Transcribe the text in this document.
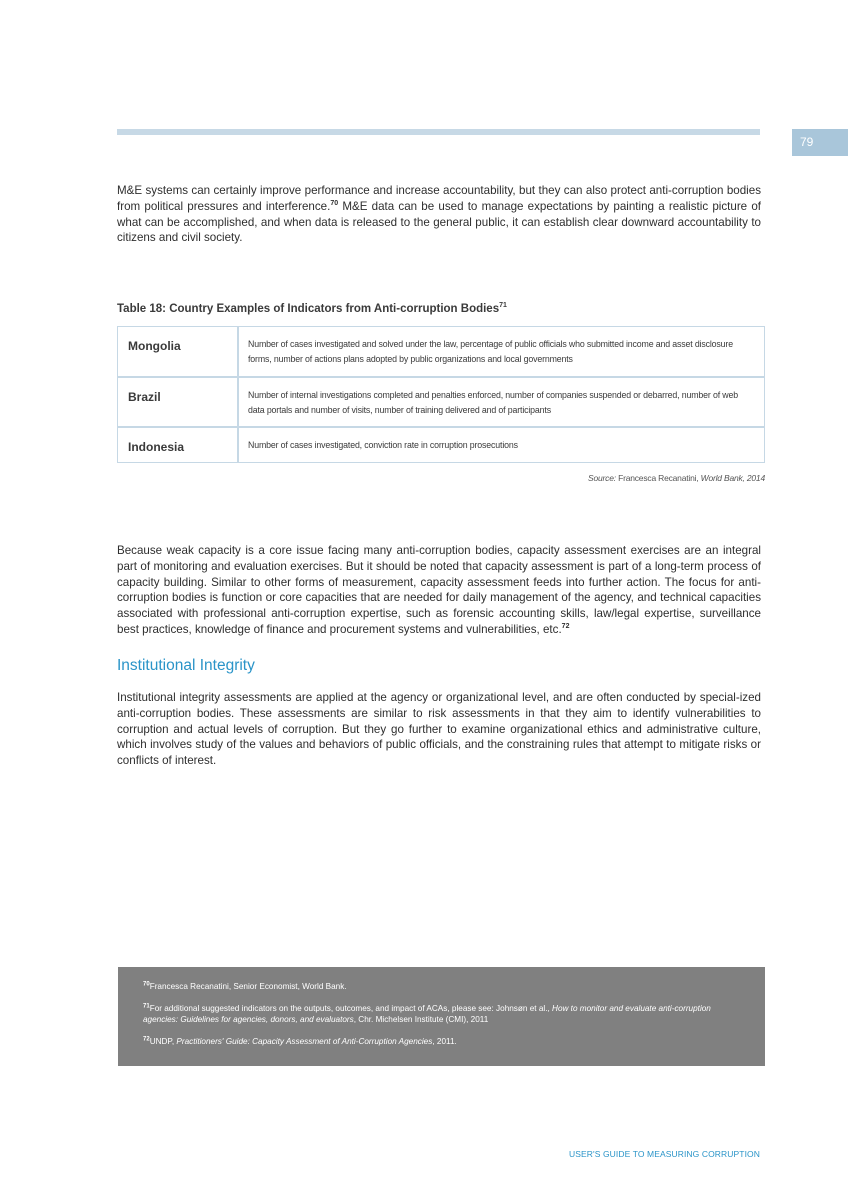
79

M&E systems can certainly improve performance and increase accountability, but they can also protect anti-corruption bodies from political pressures and interference.$^{70}$ M&E data can be used to manage expectations by painting a realistic picture of what can be accomplished, and when data is released to the general public, it can establish clear downward accountability to citizens and civil society.

Table 18: Country Examples of Indicators from Anti-corruption Bodies$^{71}$

Mongolia	Number of cases investigated and solved under the law, percentage of public officials who submitted income and asset disclosure forms, number of actions plans adopted by public organizations and local governments
Brazil	Number of internal investigations completed and penalties enforced, number of companies suspended or debarred, number of web data portals and number of visits, number of training delivered and of participants
Indonesia	Number of cases investigated, conviction rate in corruption prosecutions
Source: Francesca Recanatini, World Bank, 2014

Because weak capacity is a core issue facing many anti-corruption bodies, capacity assessment exercises are an integral part of monitoring and evaluation exercises. But it should be noted that capacity assessment is part of a long-term process of capacity building. Similar to other forms of measurement, capacity assessment feeds into further action. The focus for anti-corruption bodies is function or core capacities that are needed for daily management of the agency, and technical capacities associated with professional anti-corruption expertise, such as forensic accounting skills, law/legal expertise, surveillance best practices, knowledge of finance and procurement systems and vulnerabilities, etc.$^{72}$

Institutional Integrity

Institutional integrity assessments are applied at the agency or organizational level, and are often conducted by special-ized anti-corruption bodies. These assessments are similar to risk assessments in that they aim to identify vulnerabilities to corruption and actual levels of corruption. But they go further to examine organizational ethics and administrative culture, which involves study of the values and behaviors of public officials, and the constraining rules that attempt to mitigate risks or conflicts of interest.

$^{70}$Francesca Recanatini, Senior Economist, World Bank.

$^{71}$For additional suggested indicators on the outputs, outcomes, and impact of ACAs, please see: Johnsøn et al., How to monitor and evaluate anti-corruption agencies: Guidelines for agencies, donors, and evaluators, Chr. Michelsen Institute (CMI), 2011

$^{72}$UNDP, Practitioners' Guide: Capacity Assessment of Anti-Corruption Agencies, 2011.

USER'S GUIDE TO MEASURING CORRUPTION
